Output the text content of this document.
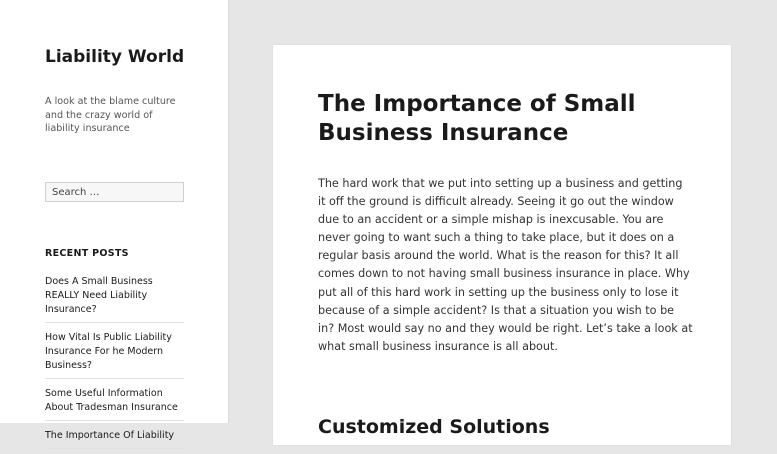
Liability World

A look at the blame culture and the crazy world of liability insurance

Search …
RECENT POSTS
Does A Small Business REALLY Need Liability Insurance?
How Vital Is Public Liability Insurance For he Modern Business?
Some Useful Information About Tradesman Insurance
The Importance Of Liability
The Importance of Small Business Insurance

The hard work that we put into setting up a business and getting it off the ground is difficult already. Seeing it go out the window due to an accident or a simple mishap is inexcusable. You are never going to want such a thing to take place, but it does on a regular basis around the world. What is the reason for this? It all comes down to not having small business insurance in place. Why put all of this hard work in setting up the business only to lose it because of a simple accident? Is that a situation you wish to be in? Most would say no and they would be right. Let’s take a look at what small business insurance is all about.

Customized Solutions
